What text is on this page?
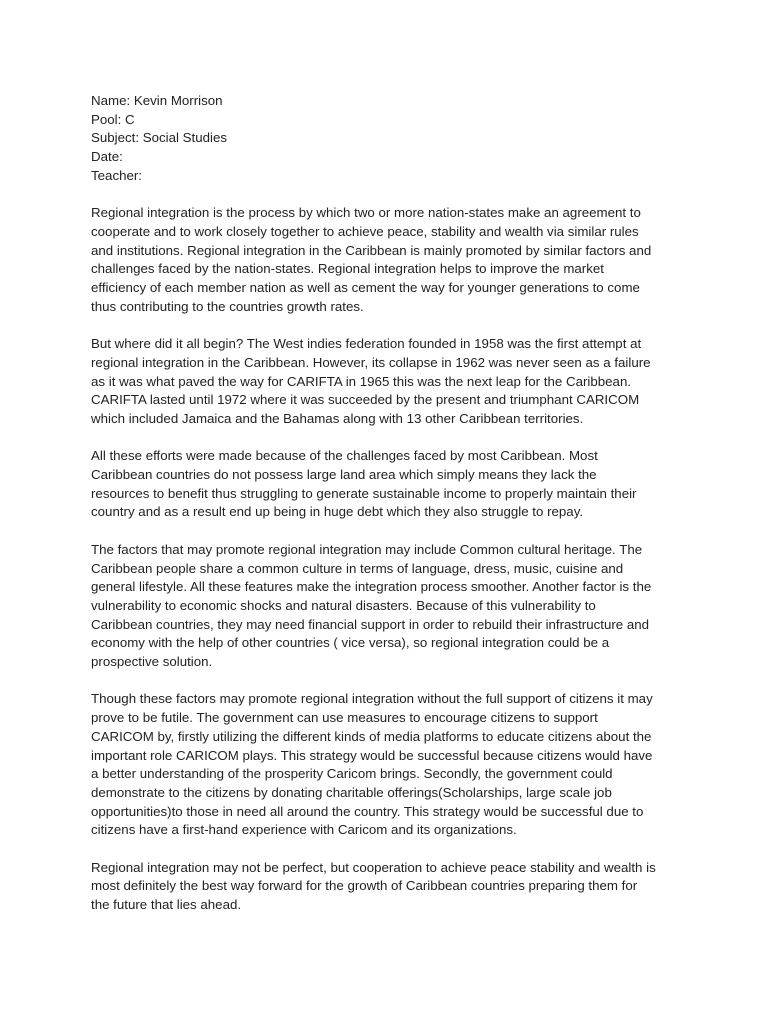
Name: Kevin Morrison

Pool: C

Subject: Social Studies

Date:

Teacher:

Regional integration is the process by which two or more nation-states make an agreement to
cooperate and to work closely together to achieve peace, stability and wealth via similar rules
and institutions. Regional integration in the Caribbean is mainly promoted by similar factors and
challenges faced by the nation-states. Regional integration helps to improve the market
efficiency of each member nation as well as cement the way for younger generations to come
thus contributing to the countries growth rates.

But where did it all begin? The West indies federation founded in 1958 was the first attempt at
regional integration in the Caribbean. However, its collapse in 1962 was never seen as a failure
as it was what paved the way for CARIFTA in 1965 this was the next leap for the Caribbean.
CARIFTA lasted until 1972 where it was succeeded by the present and triumphant CARICOM
which included Jamaica and the Bahamas along with 13 other Caribbean territories.

All these efforts were made because of the challenges faced by most Caribbean. Most
Caribbean countries do not possess large land area which simply means they lack the
resources to benefit thus struggling to generate sustainable income to properly maintain their
country and as a result end up being in huge debt which they also struggle to repay.

The factors that may promote regional integration may include Common cultural heritage. The
Caribbean people share a common culture in terms of language, dress, music, cuisine and
general lifestyle. All these features make the integration process smoother. Another factor is the
vulnerability to economic shocks and natural disasters. Because of this vulnerability to
Caribbean countries, they may need financial support in order to rebuild their infrastructure and
economy with the help of other countries ( vice versa), so regional integration could be a
prospective solution.

Though these factors may promote regional integration without the full support of citizens it may
prove to be futile. The government can use measures to encourage citizens to support
CARICOM by, firstly utilizing the different kinds of media platforms to educate citizens about the
important role CARICOM plays. This strategy would be successful because citizens would have
a better understanding of the prosperity Caricom brings. Secondly, the government could
demonstrate to the citizens by donating charitable offerings(Scholarships, large scale job
opportunities)to those in need all around the country. This strategy would be successful due to
citizens have a first-hand experience with Caricom and its organizations.

Regional integration may not be perfect, but cooperation to achieve peace stability and wealth is
most definitely the best way forward for the growth of Caribbean countries preparing them for
the future that lies ahead.
